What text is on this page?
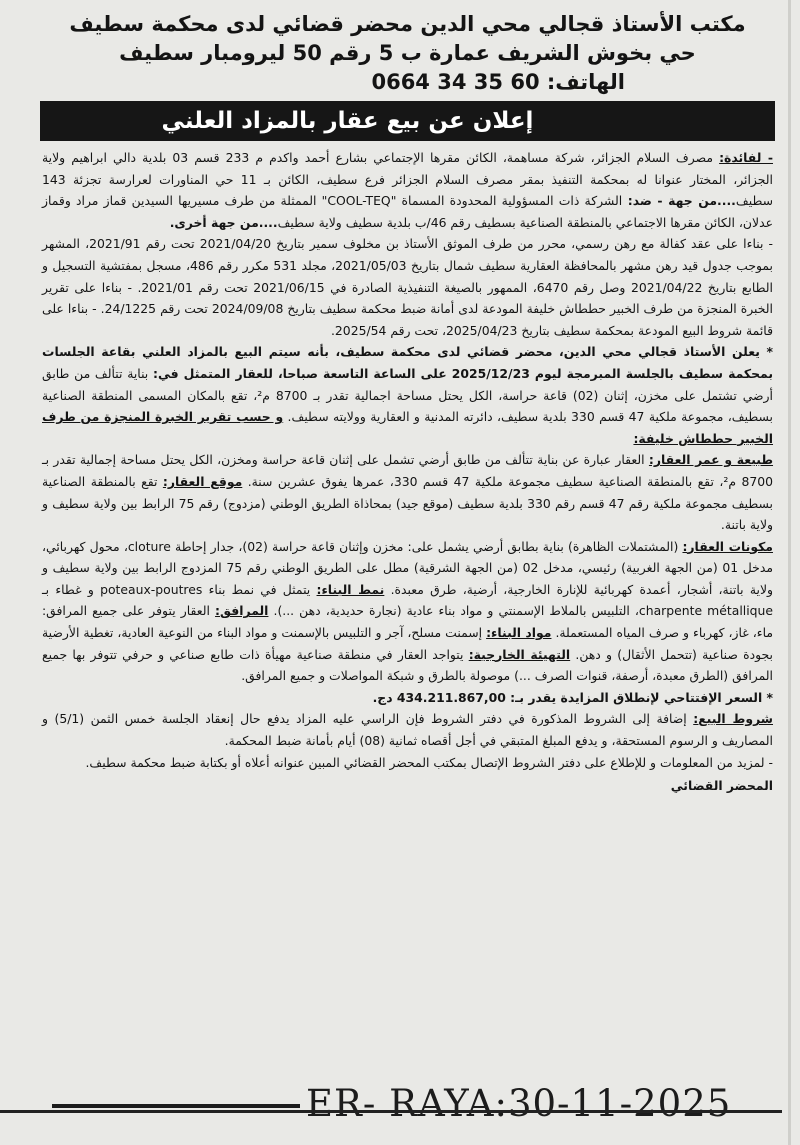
مكتب الأستاذ قجالي محي الدين محضر قضائي لدى محكمة سطيف
حي بخوش الشريف عمارة ب 5 رقم 50 ليرومبار سطيف
الهاتف: 60 35 34 0664
إعلان عن بيع عقار بالمزاد العلني

- لفائدة: مصرف السلام الجزائر، شركة مساهمة، الكائن مقرها الإجتماعي بشارع أحمد واكدم م 233 قسم 03 بلدية دالي ابراهيم ولاية الجزائر، المختار عنوانا له بمحكمة التنفيذ بمقر مصرف السلام الجزائر فرع سطيف، الكائن بـ 11 حي المناورات لعرارسة تجزئة 143 سطيف....من جهة - ضد: الشركة ذات المسؤولية المحدودة المسماة "COOL-TEQ" الممثلة من طرف مسيريها السيدين قماز مراد وقماز عدلان، الكائن مقرها الاجتماعي بالمنطقة الصناعية بسطيف رقم 46/ب بلدية سطيف ولاية سطيف....من جهة أخرى.

- بناءا على عقد كفالة مع رهن رسمي، محرر من طرف الموثق الأستاذ بن مخلوف سمير بتاريخ 2021/04/20 تحت رقم 2021/91، المشهر بموجب جدول قيد رهن مشهر بالمحافظة العقارية سطيف شمال بتاريخ 2021/05/03، مجلد 531 مكرر رقم 486، مسجل بمفتشية التسجيل و الطابع بتاريخ 2021/04/22 وصل رقم 6470، الممهور بالصيغة التنفيذية الصادرة في 2021/06/15 تحت رقم 2021/01. - بناءا على تقرير الخبرة المنجزة من طرف الخبير حططاش خليفة المودعة لدى أمانة ضبط محكمة سطيف بتاريخ 2024/09/08 تحت رقم 24/1225. - بناءا على قائمة شروط البيع المودعة بمحكمة سطيف بتاريخ 2025/04/23، تحت رقم 2025/54.

* يعلن الأستاذ قجالي محي الدين، محضر قضائي لدى محكمة سطيف، بأنه سيتم البيع بالمزاد العلني بقاعة الجلسات بمحكمة سطيف بالجلسة المبرمجة ليوم 2025/12/23 على الساعة التاسعة صباحا، للعقار المتمثل في: بناية تتألف من طابق أرضي تشتمل على مخزن، إثنان (02) قاعة حراسة، الكل يحتل مساحة اجمالية تقدر بـ 8700 م²، تقع بالمكان المسمى المنطقة الصناعية بسطيف، مجموعة ملكية 47 قسم 330 بلدية سطيف، دائرته المدنية و العقارية وولايته سطيف. و حسب تقرير الخبرة المنجزة من طرف الخبير حططاش خليفة:

طبيعة و عمر العقار: العقار عبارة عن بناية تتألف من طابق أرضي تشمل على إثنان قاعة حراسة ومخزن، الكل يحتل مساحة إجمالية تقدر بـ 8700 م²، تقع بالمنطقة الصناعية سطيف مجموعة ملكية 47 قسم 330، عمرها يفوق عشرين سنة. موقع العقار: تقع بالمنطقة الصناعية بسطيف مجموعة ملكية رقم 47 قسم رقم 330 بلدية سطيف (موقع جيد) بمحاذاة الطريق الوطني (مزدوج) رقم 75 الرابط بين ولاية سطيف و ولاية باتنة.

مكونات العقار: (المشتملات الظاهرة) بناية بطابق أرضي يشمل على: مخزن وإثنان قاعة حراسة (02)، جدار إحاطة cloture، محول كهربائي، مدخل 01 (من الجهة الغربية) رئيسي، مدخل 02 (من الجهة الشرقية) مطل على الطريق الوطني رقم 75 المزدوج الرابط بين ولاية سطيف و ولاية باتنة، أشجار، أعمدة كهربائية للإنارة الخارجية، أرضية، طرق معبدة. نمط البناء: يتمثل في نمط بناء poteaux-poutres و غطاء بـ charpente métallique، التلبيس بالملاط الإسمنتي و مواد بناء عادية (نجارة حديدية، دهن ...). المرافق: العقار يتوفر على جميع المرافق: ماء، غاز، كهرباء و صرف المياه المستعملة. مواد البناء: إسمنت مسلح، آجر و التلبيس بالإسمنت و مواد البناء من النوعية العادية، تغطية الأرضية بجودة صناعية (تتحمل الأثقال) و دهن. التهيئة الخارجية: يتواجد العقار في منطقة صناعية مهيأة ذات طابع صناعي و حرفي تتوفر بها جميع المرافق (الطرق معبدة، أرصفة، قنوات الصرف ...) موصولة بالطرق و شبكة المواصلات و جميع المرافق.

* السعر الإفتتاحي لإنطلاق المزايدة يقدر بـ: 434.211.867,00 دج.

شروط البيع: إضافة إلى الشروط المذكورة في دفتر الشروط فإن الراسي عليه المزاد يدفع حال إنعقاد الجلسة خمس الثمن (5/1) و المصاريف و الرسوم المستحقة، و يدفع المبلغ المتبقي في أجل أقصاه ثمانية (08) أيام بأمانة ضبط المحكمة.

- لمزيد من المعلومات و للإطلاع على دفتر الشروط الإتصال بمكتب المحضر القضائي المبين عنوانه أعلاه أو بكتابة ضبط محكمة سطيف.

المحضر القضائي

ER- RAYA:30-11-2025
